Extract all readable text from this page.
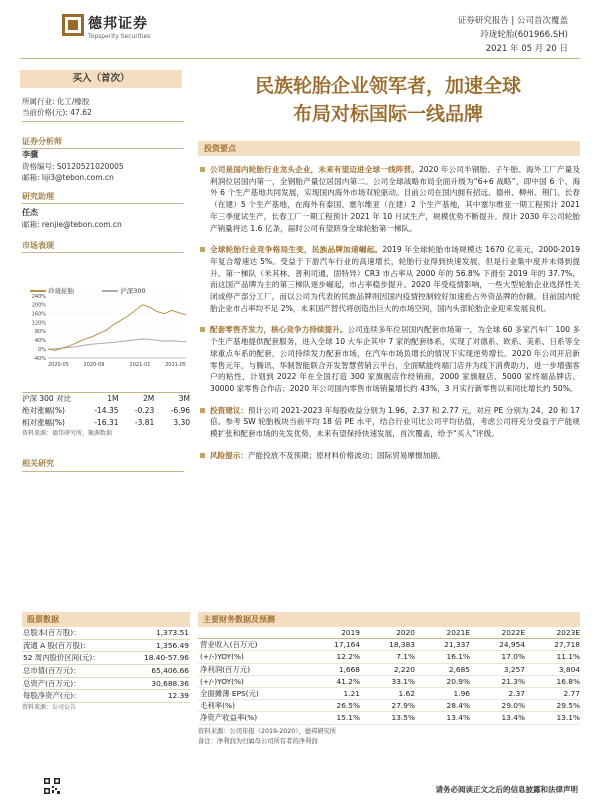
德邦证券
Topsperity Securities
证券研究报告 | 公司首次覆盖
玲珑轮胎(601966.SH)
2021 年 05 月 20 日
买入（首次）
所属行业: 化工/橡胶
当前价格(元): 47.62
证券分析师
李骥
资格编号: S0120521020005
邮箱: liji3@tebon.com.cn
研究助理
任杰
邮箱: renjie@tebon.com.cn
市场表现
玲珑轮胎	沪深300
240%
200%
160%
120%
80%
40%
0%
-40%
2020-05	2020-09	2021-01	2021-05
沪深 300 对比	1M	2M	3M
绝对涨幅(%)	-14.35	-0.23	-6.96
相对涨幅(%)	-16.31	-3.81	3.30
资料来源：德邦研究所，聚源数据
相关研究
民族轮胎企业领军者，加速全球
布局对标国际一线品牌
投资要点
公司是国内轮胎行业龙头企业，未来有望迈进全球一线阵营。2020 年公司半钢胎、子午胎、海外工厂产量及利润位居国内第一，全钢胎产量位居国内第二。公司全球战略布局全面升级为“6+6 战略”，即中国 6 个、海外 6 个生产基地共同发展，实现国内海外市场双轮驱动。目前公司在国内拥有招远、德州、柳州、荆门、长春（在建）5 个生产基地，在海外有泰国、塞尔维亚（在建）2 个生产基地，其中塞尔维亚一期工程预计 2021 年三季度试生产，长春工厂一期工程预计 2021 年 10 月试生产，规模优势不断提升。预计 2030 年公司轮胎产销量将达 1.6 亿条，届时公司有望跻身全球轮胎第一梯队。
全球轮胎行业竞争格局生变，民族品牌加速崛起。2019 年全球轮胎市场规模达 1670 亿美元，2000-2019 年复合增速达 5%。受益于下游汽车行业的高速增长，轮胎行业得到快速发展，但是行业集中度并未得到提升。第一梯队（米其林、普利司通、固特异）CR3 市占率从 2000 年的 56.8% 下滑至 2019 年的 37.7%，而这国产品牌为主的第三梯队逐步崛起，市占率稳步提升。2020 年受疫情影响，一些大型轮胎企业选择性关闭或停产部分工厂，而以公司为代表的民族品牌则因国内疫情控制较好加速抢占外资品牌的份额。目前国内轮胎企业市占率均不足 2%，未来国产替代将创造出巨大的市场空间，国内头部轮胎企业迎来发展良机。
配套零售齐发力，核心竞争力持续提升。公司连续多年位居国内配套市场第一，为全球 60 多家汽车厂 100 多个生产基地提供配套服务，进入全球 10 大车企其中 7 家的配套体系，实现了对德系、欧系、美系、日系等全球重点车系的配套，公司持续发力配套市场，在汽车市场负增长的情况下实现逆势增长。2020 年公司开启新零售元年，与腾讯、华制智能联合开发智慧营销云平台，全面赋能终端门店并为线下消费助力，进一步增强客户的粘性，计划到 2022 年在全国打造 300 家旗舰店作经销商，2000 家旗舰店、5000 家终端品牌店、30000 家零售合作店；2020 年公司国内零售市场销量增长约 43%，3 月实行新零售以来同比增长约 50%。
投资建议：预计公司 2021-2023 年每股收益分别为 1.96、2.37 和 2.77 元，对应 PE 分别为 24、20 和 17 倍。参考 SW 轮胎板块当前平均 18 倍 PE 水平，结合行业可比公司平均估值，考虑公司将充分受益于产能规模扩张和配套市场的先发优势，未来有望保持快速发展，首次覆盖，给予“买入”评级。
风险提示：产能投放不及预期；原材料价格波动；国际贸易摩擦加剧。
股票数据
总股本(百万股)：	1,373.51
流通 A 股(百万股)：	1,356.49
52 周内股价区间(元)：	18.40-57.96
总市值(百万元)：	65,406.66
总资产(百万元)：	30,688.36
每股净资产(元)：	12.39
资料来源：公司公告
主要财务数据及预测
2019	2020	2021E	2022E	2023E
营业收入(百万元)	17,164	18,383	21,337	24,954	27,718
(+/-)YOY(%)	12.2%	7.1%	16.1%	17.0%	11.1%
净利润(百万元)	1,668	2,220	2,685	3,257	3,804
(+/-)YOY(%)	41.2%	33.1%	20.9%	21.3%	16.8%
全面摊薄 EPS(元)	1.21	1.62	1.96	2.37	2.77
毛利率(%)	26.5%	27.9%	28.4%	29.0%	29.5%
净资产收益率(%)	15.1%	13.5%	13.4%	13.4%	13.1%
资料来源：公司年报（2019-2020），德邦研究所
备注：净利润为归属母公司所有者的净利润
请务必阅读正文之后的信息披露和法律声明
